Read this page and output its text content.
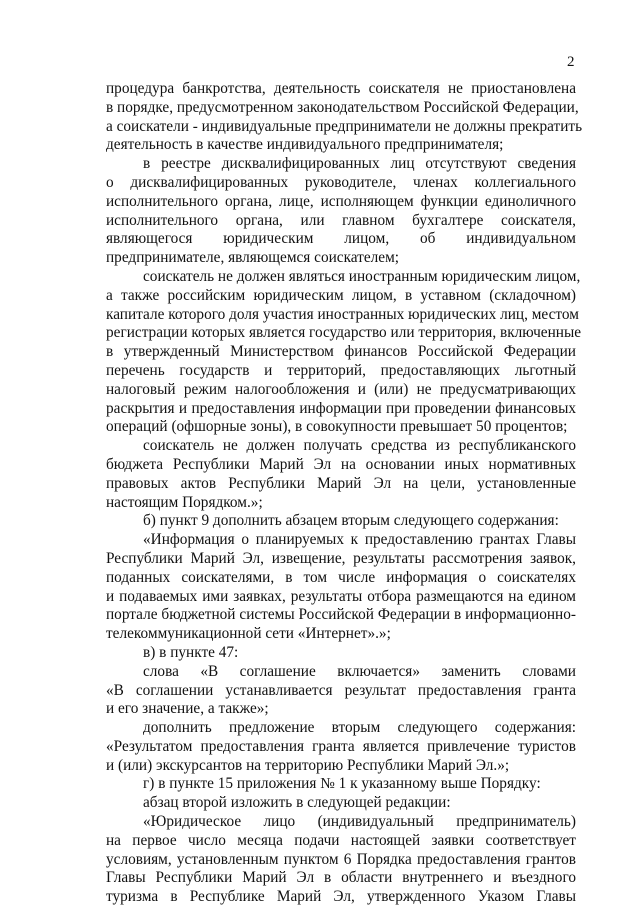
2
процедура банкротства, деятельность соискателя не приостановлена
в порядке, предусмотренном законодательством Российской Федерации,
а соискатели - индивидуальные предприниматели не должны прекратить
деятельность в качестве индивидуального предпринимателя;
в реестре дисквалифицированных лиц отсутствуют сведения
о дисквалифицированных руководителе, членах коллегиального
исполнительного органа, лице, исполняющем функции единоличного
исполнительного органа, или главном бухгалтере соискателя,
являющегося юридическим лицом, об индивидуальном
предпринимателе, являющемся соискателем;
соискатель не должен являться иностранным юридическим лицом,
а также российским юридическим лицом, в уставном (складочном)
капитале которого доля участия иностранных юридических лиц, местом
регистрации которых является государство или территория, включенные
в утвержденный Министерством финансов Российской Федерации
перечень государств и территорий, предоставляющих льготный
налоговый режим налогообложения и (или) не предусматривающих
раскрытия и предоставления информации при проведении финансовых
операций (офшорные зоны), в совокупности превышает 50 процентов;
соискатель не должен получать средства из республиканского
бюджета Республики Марий Эл на основании иных нормативных
правовых актов Республики Марий Эл на цели, установленные
настоящим Порядком.»;
б) пункт 9 дополнить абзацем вторым следующего содержания:
«Информация о планируемых к предоставлению грантах Главы
Республики Марий Эл, извещение, результаты рассмотрения заявок,
поданных соискателями, в том числе информация о соискателях
и подаваемых ими заявках, результаты отбора размещаются на едином
портале бюджетной системы Российской Федерации в информационно-
телекоммуникационной сети «Интернет».»;
в) в пункте 47:
слова «В соглашение включается» заменить словами
«В соглашении устанавливается результат предоставления гранта
и его значение, а также»;
дополнить предложение вторым следующего содержания:
«Результатом предоставления гранта является привлечение туристов
и (или) экскурсантов на территорию Республики Марий Эл.»;
г) в пункте 15 приложения № 1 к указанному выше Порядку:
абзац второй изложить в следующей редакции:
«Юридическое лицо (индивидуальный предприниматель)
на первое число месяца подачи настоящей заявки соответствует
условиям, установленным пунктом 6 Порядка предоставления грантов
Главы Республики Марий Эл в области внутреннего и въездного
туризма в Республике Марий Эл, утвержденного Указом Главы
